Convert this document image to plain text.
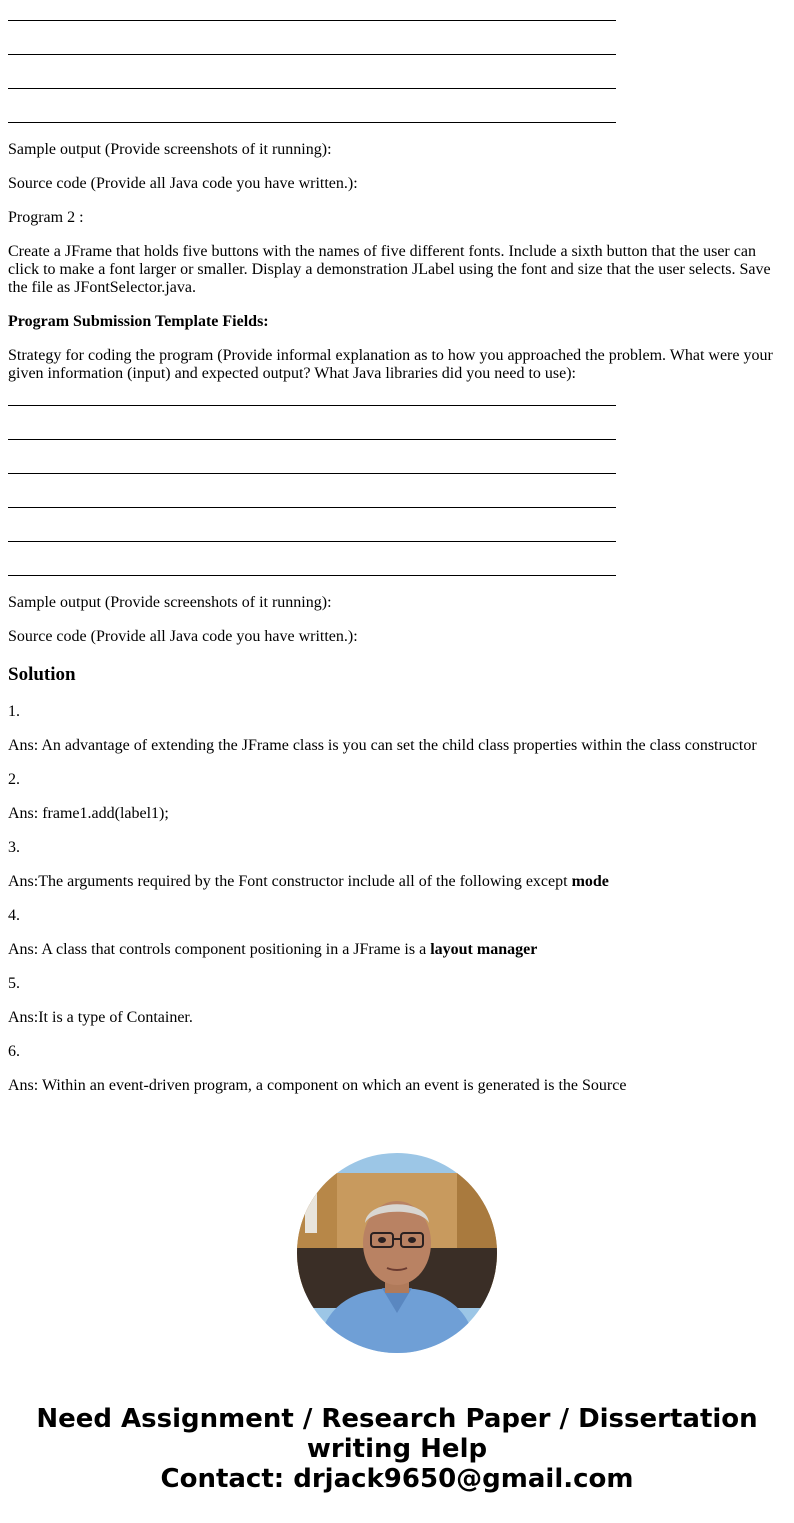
Sample output (Provide screenshots of it running):

Source code (Provide all Java code you have written.):

Program 2 :

Create a JFrame that holds five buttons with the names of five different fonts. Include a sixth button that the user can click to make a font larger or smaller. Display a demonstration JLabel using the font and size that the user selects. Save the file as JFontSelector.java.

Program Submission Template Fields:

Strategy for coding the program (Provide informal explanation as to how you approached the problem. What were your given information (input) and expected output? What Java libraries did you need to use):

Sample output (Provide screenshots of it running):

Source code (Provide all Java code you have written.):

Solution

1.

Ans: An advantage of extending the JFrame class is you can set the child class properties within the class constructor

2.

Ans: frame1.add(label1);

3.

Ans:The arguments required by the Font constructor include all of the following except mode

4.

Ans: A class that controls component positioning in a JFrame is a layout manager

5.

Ans:It is a type of Container.

6.

Ans: Within an event-driven program, a component on which an event is generated is the Source

Need Assignment / Research Paper / Dissertation
writing Help
Contact: drjack9650@gmail.com
